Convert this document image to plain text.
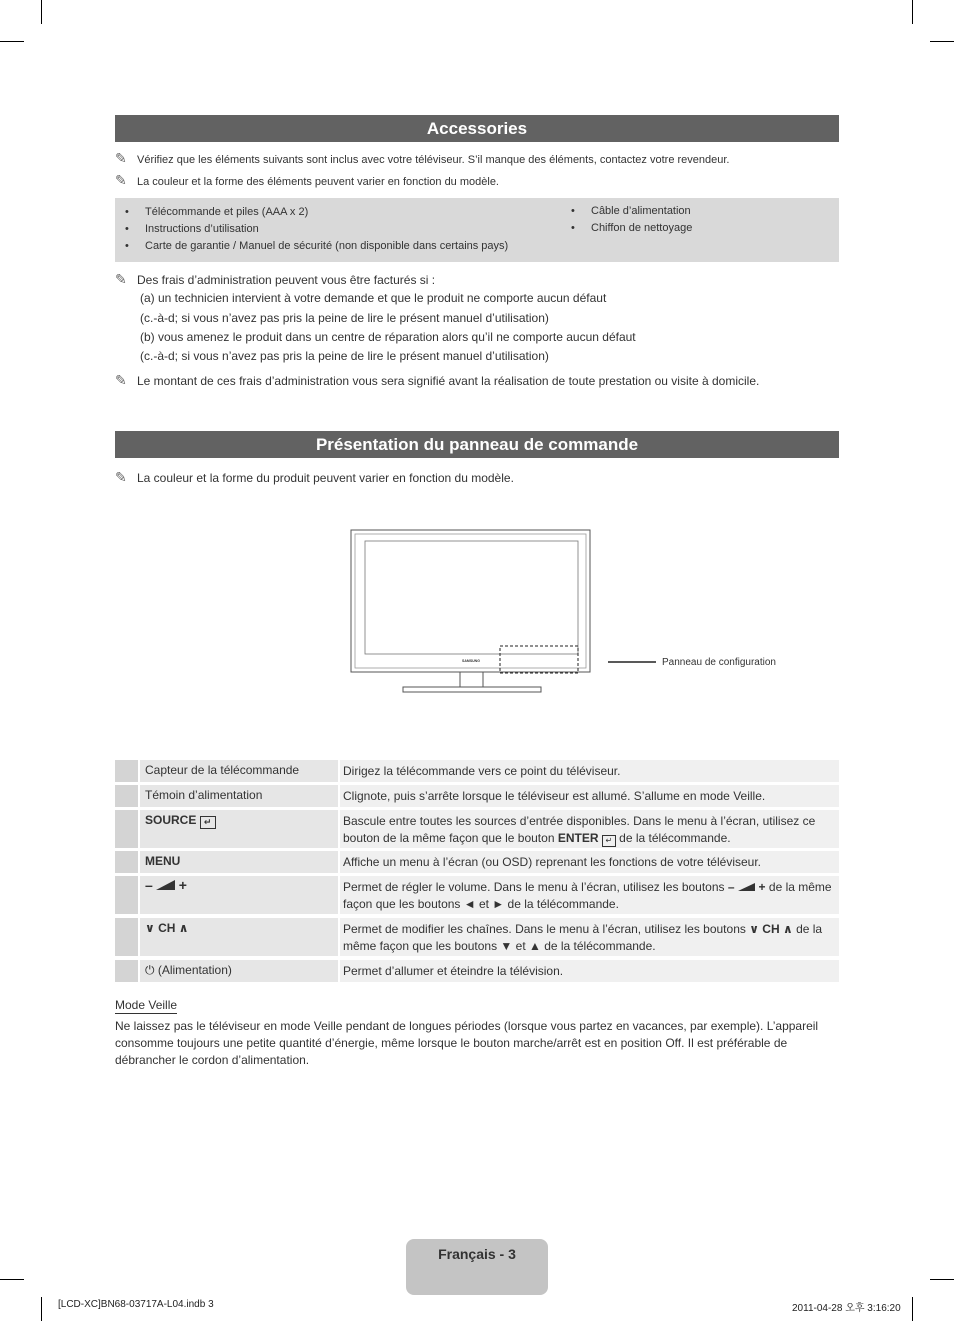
Accessories
✎ Vérifiez que les éléments suivants sont inclus avec votre téléviseur. S’il manque des éléments, contactez votre revendeur.
✎ La couleur et la forme des éléments peuvent varier en fonction du modèle.
• Télécommande et piles (AAA x 2)
• Instructions d’utilisation
• Carte de garantie / Manuel de sécurité (non disponible dans certains pays)
• Câble d’alimentation
• Chiffon de nettoyage
✎ Des frais d’administration peuvent vous être facturés si :
(a) un technicien intervient à votre demande et que le produit ne comporte aucun défaut
(c.-à-d; si vous n’avez pas pris la peine de lire le présent manuel d’utilisation)
(b) vous amenez le produit dans un centre de réparation alors qu’il ne comporte aucun défaut
(c.-à-d; si vous n’avez pas pris la peine de lire le présent manuel d’utilisation)
✎ Le montant de ces frais d’administration vous sera signifié avant la réalisation de toute prestation ou visite à domicile.
Présentation du panneau de commande
✎ La couleur et la forme du produit peuvent varier en fonction du modèle.
SAMSUNG	Panneau de configuration
Capteur de la télécommande	Dirigez la télécommande vers ce point du téléviseur.
Témoin d’alimentation	Clignote, puis s’arrête lorsque le téléviseur est allumé. S’allume en mode Veille.
SOURCE ↵	Bascule entre toutes les sources d’entrée disponibles. Dans le menu à l’écran, utilisez ce bouton de la même façon que le bouton ENTER ↵ de la télécommande.
MENU	Affiche un menu à l’écran (ou OSD) reprenant les fonctions de votre téléviseur.
– +	Permet de régler le volume. Dans le menu à l’écran, utilisez les boutons – + de la même façon que les boutons ◄ et ► de la télécommande.
∨ CH ∧	Permet de modifier les chaînes. Dans le menu à l’écran, utilisez les boutons ∨ CH ∧ de la même façon que les boutons ▼ et ▲ de la télécommande.
⏻ (Alimentation)	Permet d’allumer et éteindre la télévision.
Mode Veille
Ne laissez pas le téléviseur en mode Veille pendant de longues périodes (lorsque vous partez en vacances, par exemple). L’appareil consomme toujours une petite quantité d’énergie, même lorsque le bouton marche/arrêt est en position Off. Il est préférable de débrancher le cordon d’alimentation.
Français - 3
[LCD-XC]BN68-03717A-L04.indb 3	2011-04-28 오후 3:16:20
